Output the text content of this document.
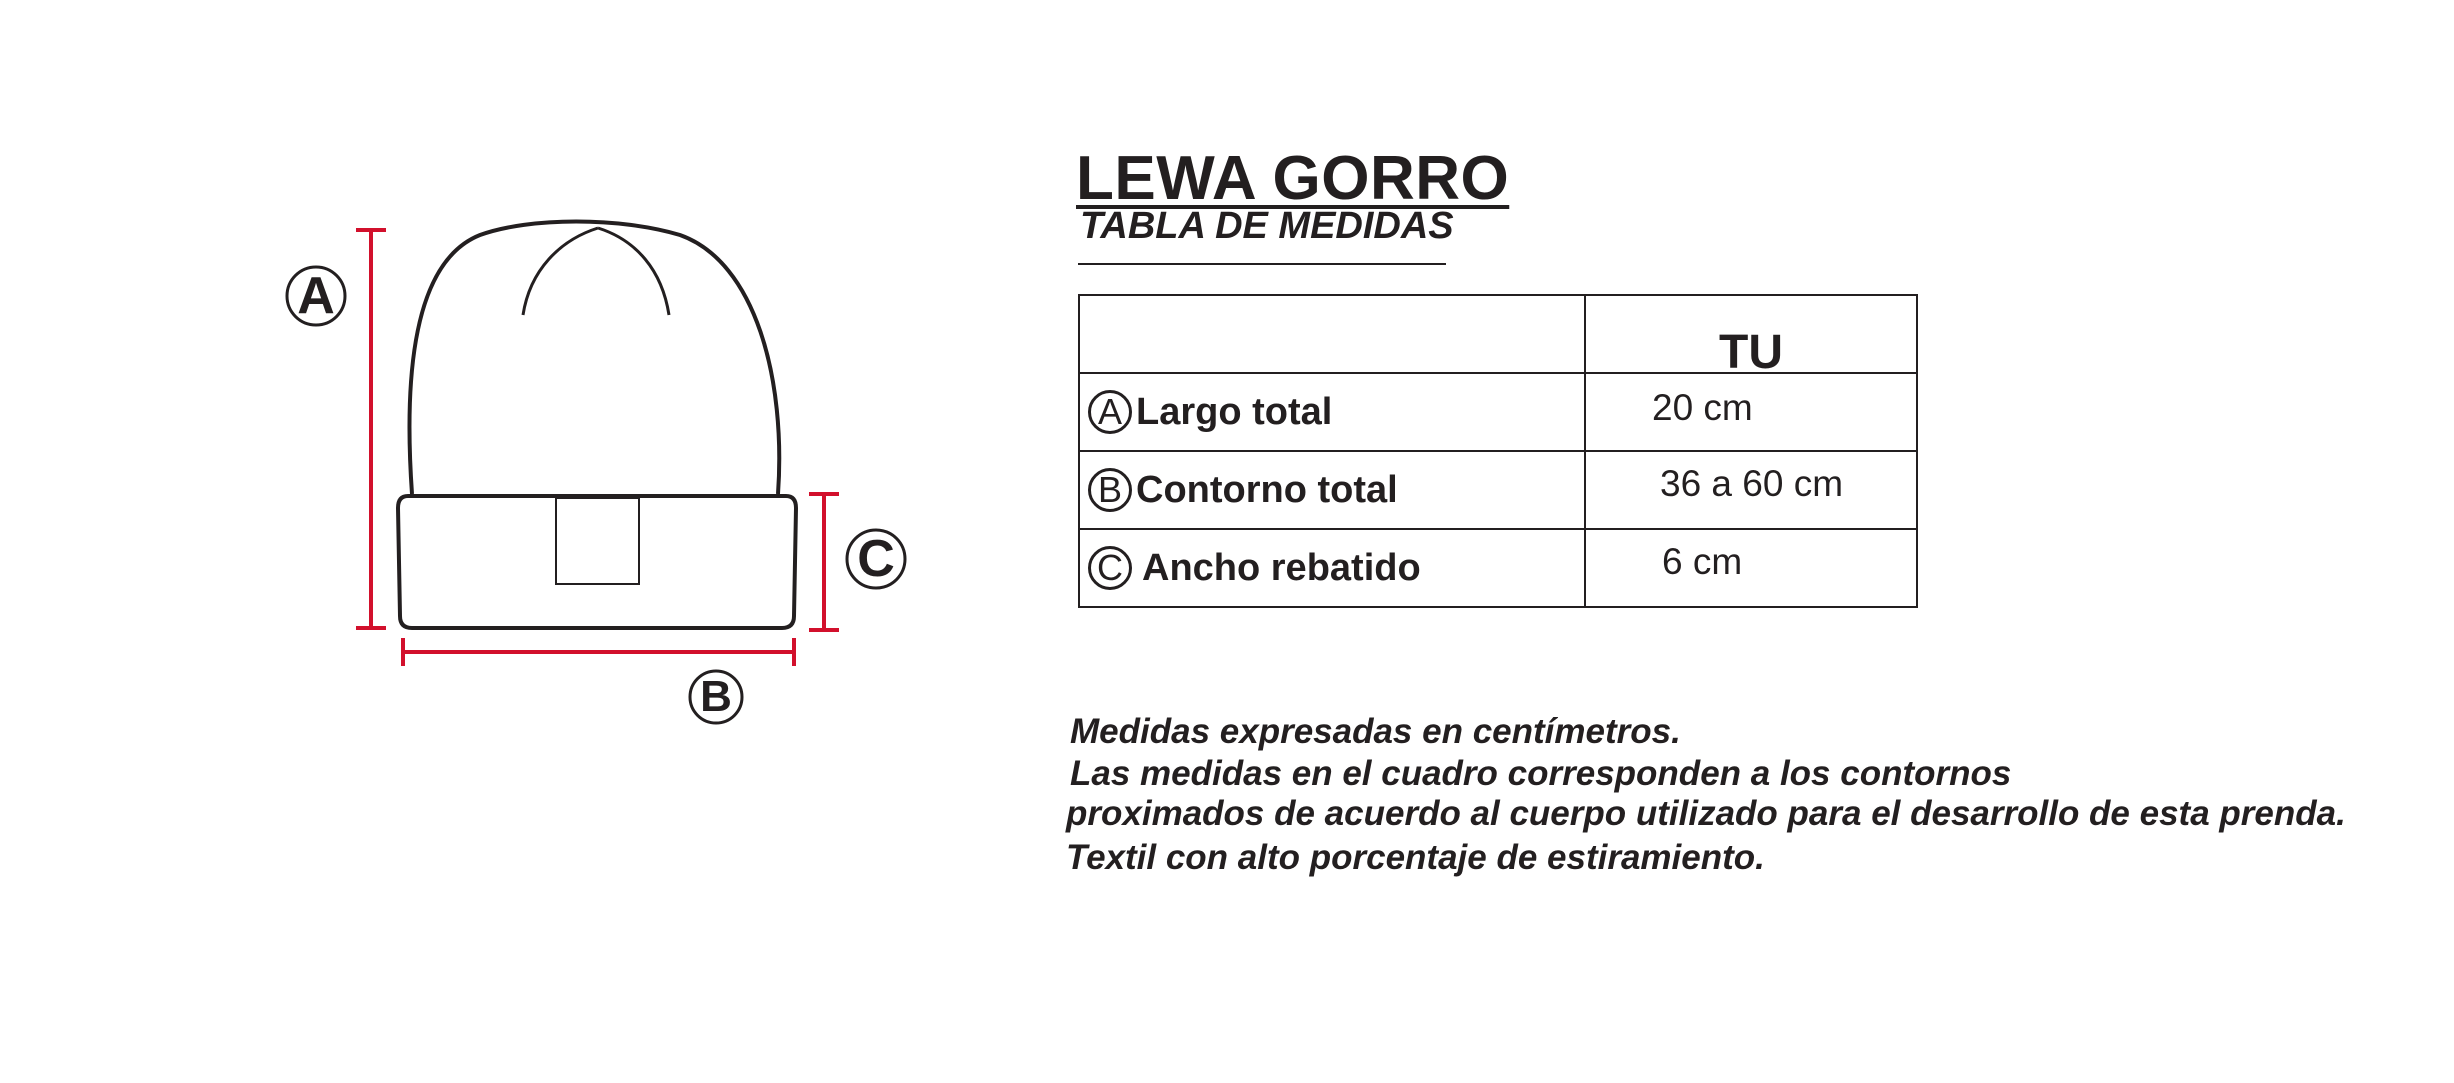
A
B
C
LEWA GORRO
TABLA DE MEDIDAS
	TU

A Largo total	20 cm

B Contorno total	36 a 60 cm

C Ancho rebatido	6 cm
Medidas expresadas en centímetros.
Las medidas en el cuadro corresponden a los contornos
proximados de acuerdo al cuerpo utilizado para el desarrollo de esta prenda.
Textil con alto porcentaje de estiramiento.
